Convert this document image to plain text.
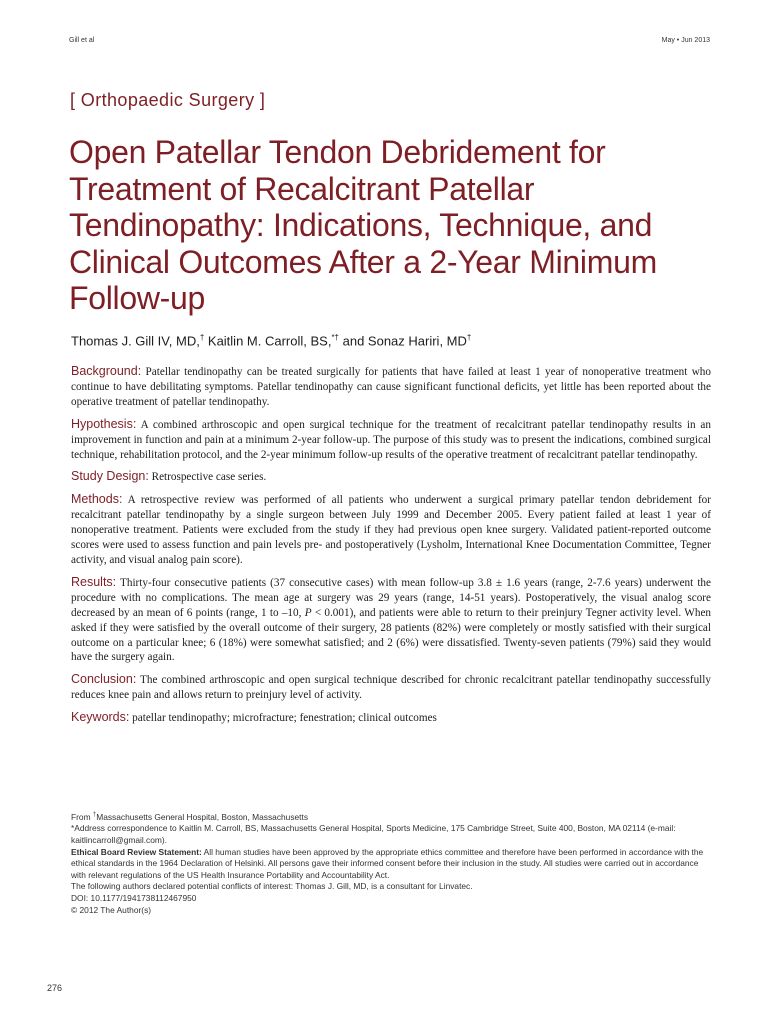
Gill et al	May • Jun 2013
[ Orthopaedic Surgery ]
Open Patellar Tendon Debridement for Treatment of Recalcitrant Patellar Tendinopathy: Indications, Technique, and Clinical Outcomes After a 2-Year Minimum Follow-up

Thomas J. Gill IV, MD,† Kaitlin M. Carroll, BS,*† and Sonaz Hariri, MD†

Background: Patellar tendinopathy can be treated surgically for patients that have failed at least 1 year of nonoperative treatment who continue to have debilitating symptoms. Patellar tendinopathy can cause significant functional deficits, yet little has been reported about the operative treatment of patellar tendinopathy.

Hypothesis: A combined arthroscopic and open surgical technique for the treatment of recalcitrant patellar tendinopathy results in an improvement in function and pain at a minimum 2-year follow-up. The purpose of this study was to present the indications, combined surgical technique, rehabilitation protocol, and the 2-year minimum follow-up results of the operative treatment of recalcitrant patellar tendinopathy.

Study Design: Retrospective case series.

Methods: A retrospective review was performed of all patients who underwent a surgical primary patellar tendon debridement for recalcitrant patellar tendinopathy by a single surgeon between July 1999 and December 2005. Every patient failed at least 1 year of nonoperative treatment. Patients were excluded from the study if they had previous open knee surgery. Validated patient-reported outcome scores were used to assess function and pain levels pre- and postoperatively (Lysholm, International Knee Documentation Committee, Tegner activity, and visual analog pain score).

Results: Thirty-four consecutive patients (37 consecutive cases) with mean follow-up 3.8 ± 1.6 years (range, 2-7.6 years) underwent the procedure with no complications. The mean age at surgery was 29 years (range, 14-51 years). Postoperatively, the visual analog score decreased by an mean of 6 points (range, 1 to –10, P < 0.001), and patients were able to return to their preinjury Tegner activity level. When asked if they were satisfied by the overall outcome of their surgery, 28 patients (82%) were completely or mostly satisfied with their surgical outcome on a particular knee; 6 (18%) were somewhat satisfied; and 2 (6%) were dissatisfied. Twenty-seven patients (79%) said they would have the surgery again.

Conclusion: The combined arthroscopic and open surgical technique described for chronic recalcitrant patellar tendinopathy successfully reduces knee pain and allows return to preinjury level of activity.

Keywords: patellar tendinopathy; microfracture; fenestration; clinical outcomes

From †Massachusetts General Hospital, Boston, Massachusetts

*Address correspondence to Kaitlin M. Carroll, BS, Massachusetts General Hospital, Sports Medicine, 175 Cambridge Street, Suite 400, Boston, MA 02114 (e-mail: kaitlincarroll@gmail.com).

Ethical Board Review Statement: All human studies have been approved by the appropriate ethics committee and therefore have been performed in accordance with the ethical standards in the 1964 Declaration of Helsinki. All persons gave their informed consent before their inclusion in the study. All studies were carried out in accordance with relevant regulations of the US Health Insurance Portability and Accountability Act.

The following authors declared potential conflicts of interest: Thomas J. Gill, MD, is a consultant for Linvatec.

DOI: 10.1177/1941738112467950

© 2012 The Author(s)

276
